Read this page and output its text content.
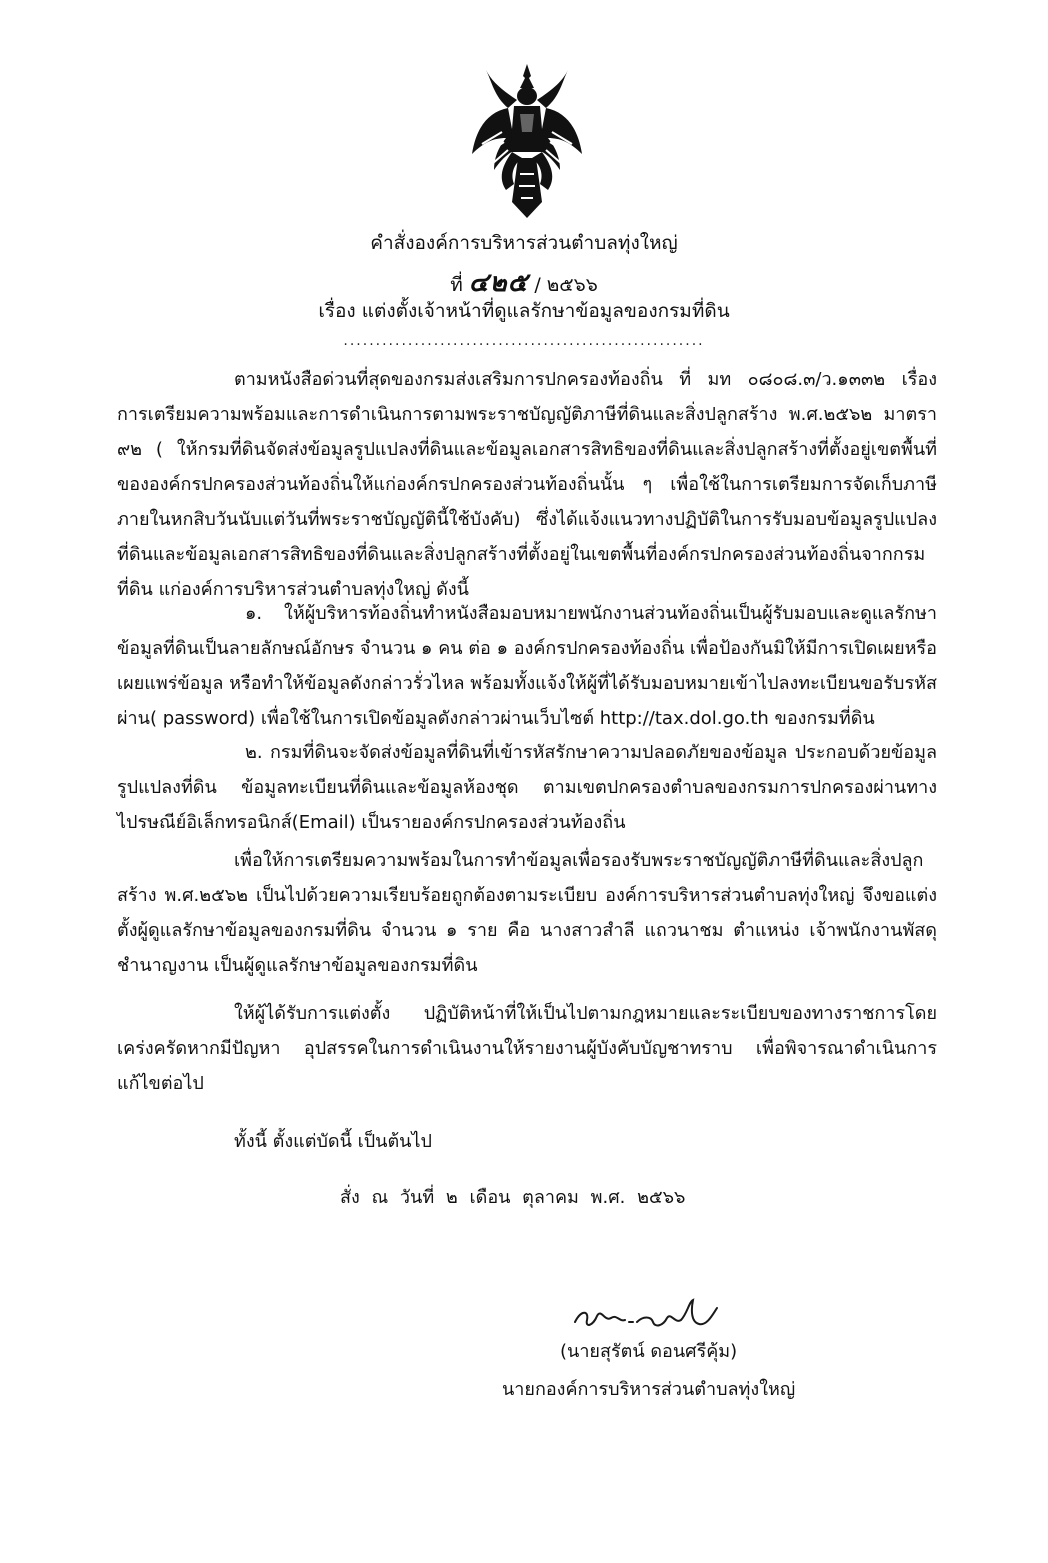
คำสั่งองค์การบริหารส่วนตำบลทุ่งใหญ่
ที่ ๔๒๕ / ๒๕๖๖
เรื่อง แต่งตั้งเจ้าหน้าที่ดูแลรักษาข้อมูลของกรมที่ดิน
........................................................

ตามหนังสือด่วนที่สุดของกรมส่งเสริมการปกครองท้องถิ่น ที่ มท ๐๘๐๘.๓/ว.๑๓๓๒ เรื่อง การเตรียมความพร้อมและการดำเนินการตามพระราชบัญญัติภาษีที่ดินและสิ่งปลูกสร้าง พ.ศ.๒๕๖๒ มาตรา ๙๒ ( ให้กรมที่ดินจัดส่งข้อมูลรูปแปลงที่ดินและข้อมูลเอกสารสิทธิของที่ดินและสิ่งปลูกสร้างที่ตั้งอยู่เขตพื้นที่ขององค์กรปกครองส่วนท้องถิ่นให้แก่องค์กรปกครองส่วนท้องถิ่นนั้น ๆ เพื่อใช้ในการเตรียมการจัดเก็บภาษีภายในหกสิบวันนับแต่วันที่พระราชบัญญัตินี้ใช้บังคับ) ซึ่งได้แจ้งแนวทางปฏิบัติในการรับมอบข้อมูลรูปแปลงที่ดินและข้อมูลเอกสารสิทธิของที่ดินและสิ่งปลูกสร้างที่ตั้งอยู่ในเขตพื้นที่องค์กรปกครองส่วนท้องถิ่นจากกรมที่ดิน แก่องค์การบริหารส่วนตำบลทุ่งใหญ่ ดังนี้

๑. ให้ผู้บริหารท้องถิ่นทำหนังสือมอบหมายพนักงานส่วนท้องถิ่นเป็นผู้รับมอบและดูแลรักษาข้อมูลที่ดินเป็นลายลักษณ์อักษร จำนวน ๑ คน ต่อ ๑ องค์กรปกครองท้องถิ่น เพื่อป้องกันมิให้มีการเปิดเผยหรือเผยแพร่ข้อมูล หรือทำให้ข้อมูลดังกล่าวรั่วไหล พร้อมทั้งแจ้งให้ผู้ที่ได้รับมอบหมายเข้าไปลงทะเบียนขอรับรหัสผ่าน( password) เพื่อใช้ในการเปิดข้อมูลดังกล่าวผ่านเว็บไซต์ http://tax.dol.go.th ของกรมที่ดิน

๒. กรมที่ดินจะจัดส่งข้อมูลที่ดินที่เข้ารหัสรักษาความปลอดภัยของข้อมูล ประกอบด้วยข้อมูลรูปแปลงที่ดิน ข้อมูลทะเบียนที่ดินและข้อมูลห้องชุด ตามเขตปกครองตำบลของกรมการปกครองผ่านทางไปรษณีย์อิเล็กทรอนิกส์(Email) เป็นรายองค์กรปกครองส่วนท้องถิ่น

เพื่อให้การเตรียมความพร้อมในการทำข้อมูลเพื่อรองรับพระราชบัญญัติภาษีที่ดินและสิ่งปลูกสร้าง พ.ศ.๒๕๖๒ เป็นไปด้วยความเรียบร้อยถูกต้องตามระเบียบ องค์การบริหารส่วนตำบลทุ่งใหญ่ จึงขอแต่งตั้งผู้ดูแลรักษาข้อมูลของกรมที่ดิน จำนวน ๑ ราย คือ นางสาวสำลี แถวนาชม ตำแหน่ง เจ้าพนักงานพัสดุชำนาญงาน เป็นผู้ดูแลรักษาข้อมูลของกรมที่ดิน

ให้ผู้ได้รับการแต่งตั้ง ปฏิบัติหน้าที่ให้เป็นไปตามกฎหมายและระเบียบของทางราชการโดยเคร่งครัดหากมีปัญหา อุปสรรคในการดำเนินงานให้รายงานผู้บังคับบัญชาทราบ เพื่อพิจารณาดำเนินการแก้ไขต่อไป

ทั้งนี้ ตั้งแต่บัดนี้ เป็นต้นไป
สั่ง ณ วันที่ ๒ เดือน ตุลาคม พ.ศ. ๒๕๖๖
(นายสุรัตน์ ดอนศรีคุ้ม)
นายกองค์การบริหารส่วนตำบลทุ่งใหญ่
